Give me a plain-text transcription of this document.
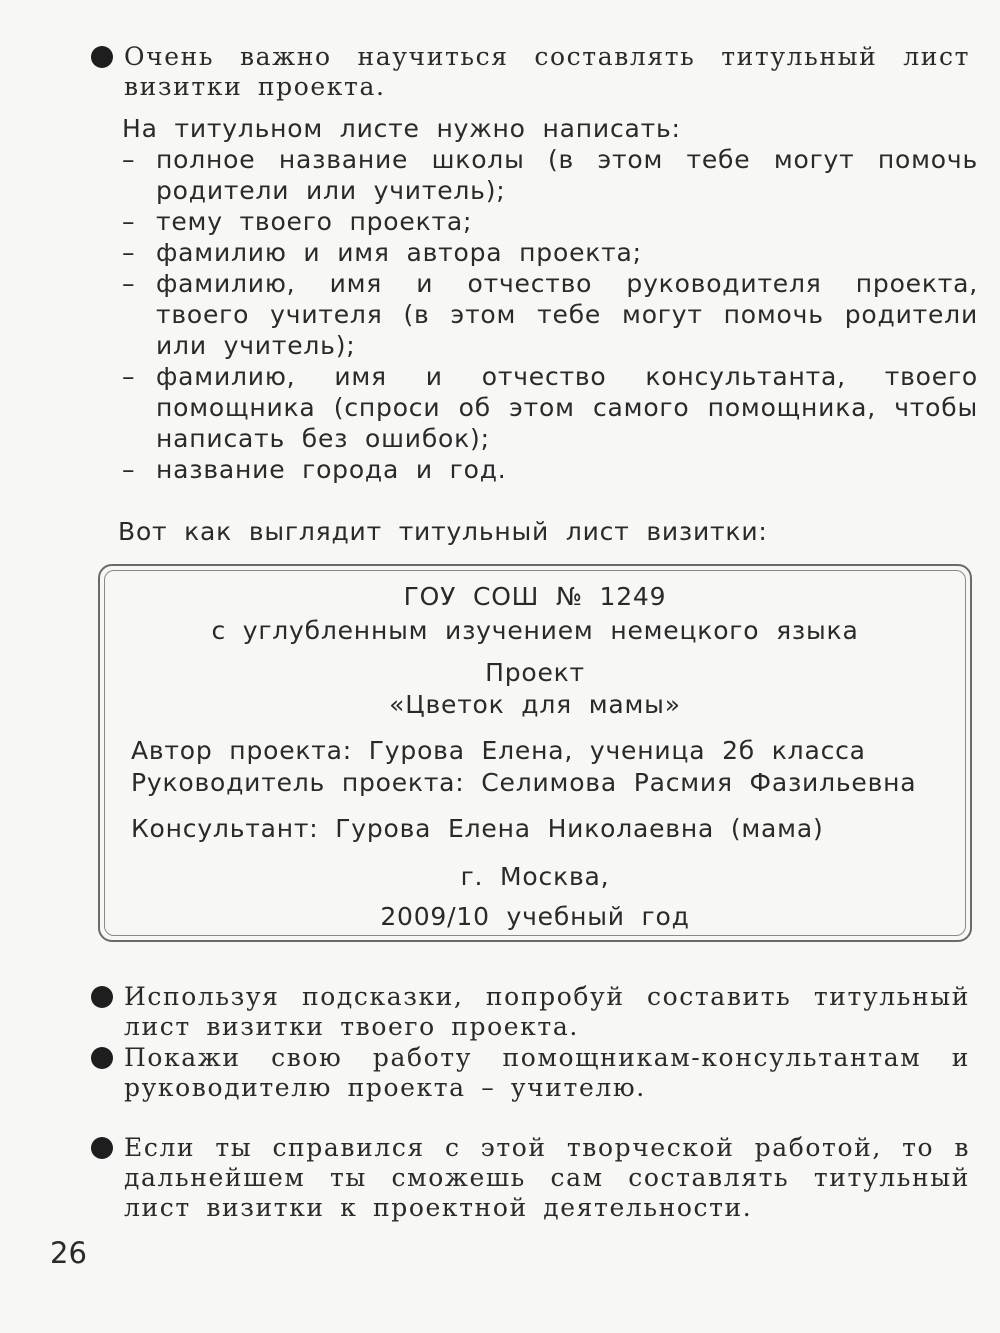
Очень важно научиться составлять титульный лист визитки проекта.

На титульном листе нужно написать:

– полное название школы (в этом тебе могут помочь родители или учитель);
– тему твоего проекта;
– фамилию и имя автора проекта;
– фамилию, имя и отчество руководителя проекта, твоего учителя (в этом тебе могут помочь родители или учитель);
– фамилию, имя и отчество консультанта, твоего помощника (спроси об этом самого помощника, чтобы написать без ошибок);
– название города и год.
Вот как выглядит титульный лист визитки:
ГОУ СОШ № 1249
с углубленным изучением немецкого языка
Проект
«Цветок для мамы»
Автор проекта: Гурова Елена, ученица 2б класса
Руководитель проекта: Селимова Расмия Фазильевна
Консультант: Гурова Елена Николаевна (мама)
г. Москва,
2009/10 учебный год
Используя подсказки, попробуй составить титульный лист визитки твоего проекта.
Покажи свою работу помощникам-консультантам и руководителю проекта – учителю.
Если ты справился с этой творческой работой, то в дальнейшем ты сможешь сам составлять титульный лист визитки к проектной деятельности.
26
